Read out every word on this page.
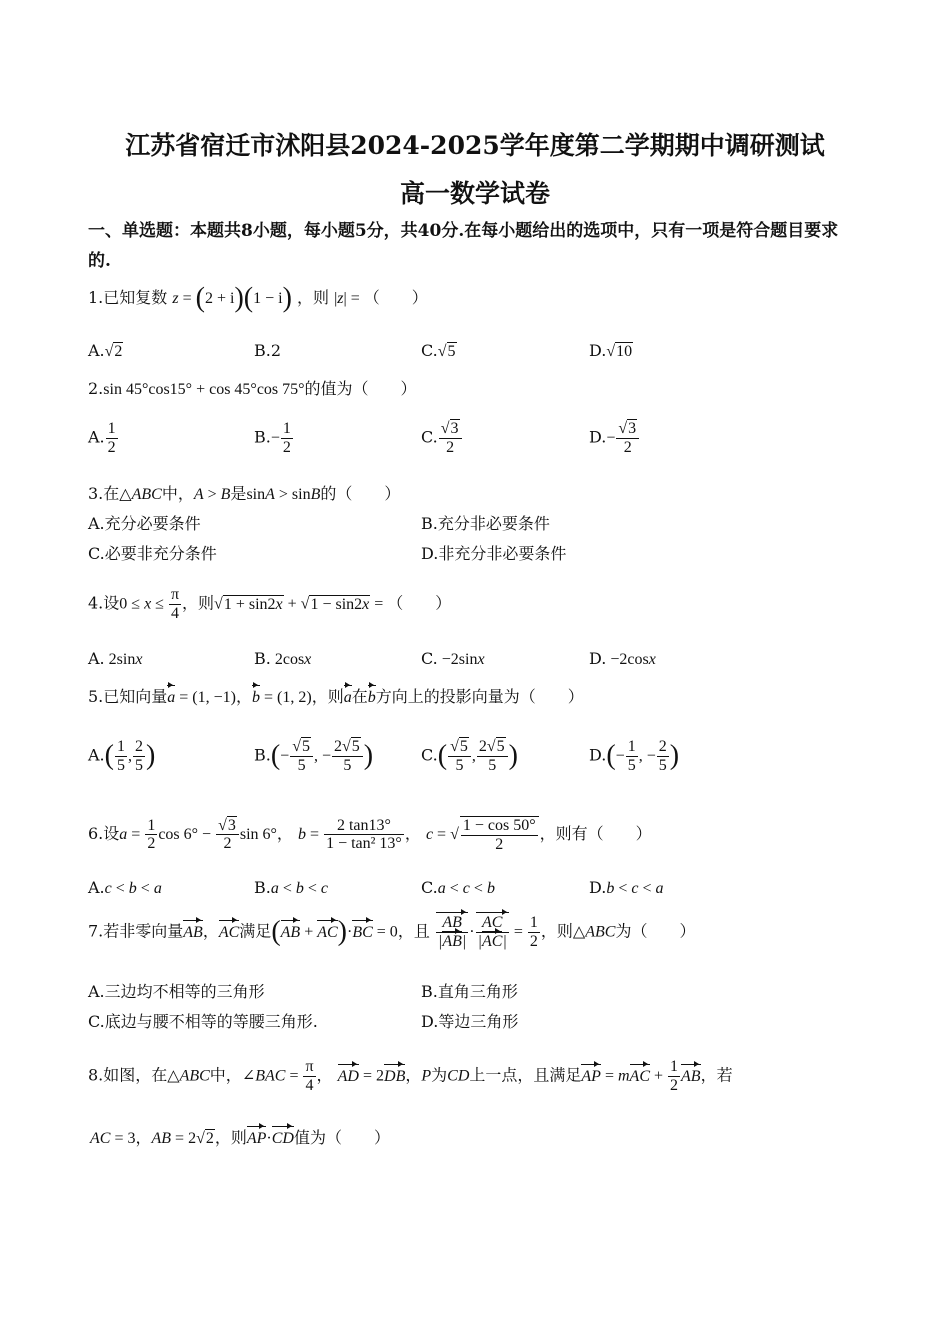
江苏省宿迁市沭阳县2024-2025学年度第二学期期中调研测试
高一数学试卷
一、单选题：本题共8小题，每小题5分，共40分.在每小题给出的选项中，只有一项是符合题目要求的.
1.已知复数 z = (2 + i)(1 − i) ，则 |z| = （　　）
A.√2	B.2	C.√5	D.√10
2.sin 45°cos15° + cos 45°cos 75°的值为（　　）
A. $\frac{1}{2}$	$B.- \frac{1}{2}$	C. $\frac{√3}{2}$	$D.- \frac{√3}{2}$
3.在△ABC中，A > B是sinA > sinB的（　　）
A.充分必要条件	B.充分非必要条件
C.必要非充分条件	D.非充分非必要条件
4.设$0 \le x \le \frac{\pi}{4}$ ，则√1 + sin2x + √1 − sin2x = （　　）
A. 2sinx	B. 2cosx	C. −2sinx	D. −2cosx
5.已知向量a = (1, −1)，b = (1, 2)，则a在b方向上的投影向量为（　　）
$A.( \frac{1}{5}$ , $\frac{2}{5}$ )	$B.(- \frac{√5}{5}$ , − $\frac{2√5}{5}$ )	$C.( \frac{√5}{5}$ , $\frac{2√5}{5}$ )	$D.(- \frac{1}{5}$ , − $\frac{2}{5}$ )
6.设$a = \frac{1}{2}$ $\cos 6^\circ - \frac{√3}{2}$ sin 6°， $b = \frac{2 \tan 13^\circ}{\text{1 − tan² 13°}}$ ， c = √ $\frac{1 - \cos 50^\circ}{2}$ ，则有（　　）
A.c < b < a	B.a < b < c	C.a < c < b	D.b < c < a
7.若非零向量AB，AC满足(AB + AC)·BC = 0，且 $\frac{AB}{|AB|} \cdot \frac{AC}{|AC|} = \frac{1}{2}$ ，则△ABC为（　　）
A.三边均不相等的三角形	B.直角三角形
C.底边与腰不相等的等腰三角形.	D.等边三角形
8.如图，在△ABC中，∠BAC = $\frac{\pi}{4}$ ， AD = 2DB，P为CD上一点，且满足AP = mAC + $\frac{1}{2}$ AB，若
AC = 3，AB = 2√2，则AP·CD值为（　　）
